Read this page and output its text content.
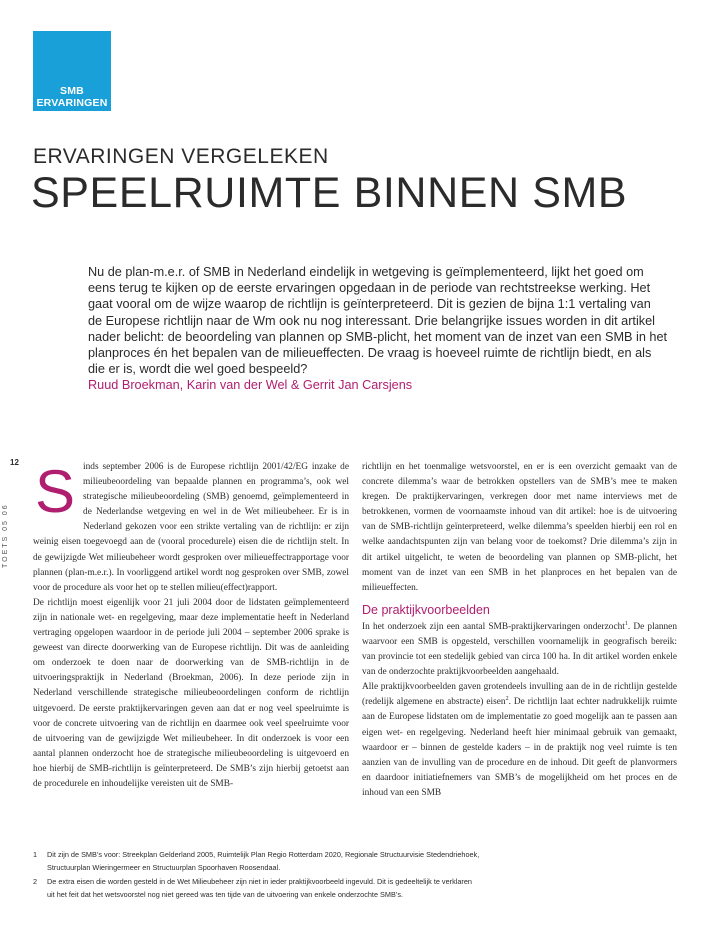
SMB
ERVARINGEN
ERVARINGEN VERGELEKEN
SPEELRUIMTE BINNEN SMB

Nu de plan-m.e.r. of SMB in Nederland eindelijk in wetgeving is geïmplementeerd, lijkt het goed om eens terug te kijken op de eerste ervaringen opgedaan in de periode van rechtstreekse werking. Het gaat vooral om de wijze waarop de richtlijn is geïnterpreteerd. Dit is gezien de bijna 1:1 vertaling van de Europese richtlijn naar de Wm ook nu nog interessant. Drie belangrijke issues worden in dit artikel nader belicht: de beoordeling van plannen op SMB-plicht, het moment van de inzet van een SMB in het planproces én het bepalen van de milieueffecten. De vraag is hoeveel ruimte de richtlijn biedt, en als die er is, wordt die wel goed bespeeld?

Ruud Broekman, Karin van der Wel & Gerrit Jan Carsjens
12
TOETS 05 06
S inds september 2006 is de Europese richtlijn 2001/42/EG inzake de milieubeoordeling van bepaalde plannen en programma’s, ook wel strategische milieubeoordeling (SMB) genoemd, geïmplementeerd in de Nederlandse wetgeving en wel in de Wet milieubeheer. Er is in Nederland gekozen voor een strikte vertaling van de richtlijn: er zijn weinig eisen toegevoegd aan de (vooral procedurele) eisen die de richtlijn stelt. In de gewijzigde Wet milieubeheer wordt gesproken over milieueffectrapportage voor plannen (plan-m.e.r.). In voorliggend artikel wordt nog gesproken over SMB, zowel voor de procedure als voor het op te stellen milieu(effect)rapport.

De richtlijn moest eigenlijk voor 21 juli 2004 door de lidstaten geïmplementeerd zijn in nationale wet- en regelgeving, maar deze implementatie heeft in Nederland vertraging opgelopen waardoor in de periode juli 2004 – september 2006 sprake is geweest van directe doorwerking van de Europese richtlijn. Dit was de aanleiding om onderzoek te doen naar de doorwerking van de SMB-richtlijn in de uitvoeringspraktijk in Nederland (Broekman, 2006). In deze periode zijn in Nederland verschillende strategische milieubeoordelingen conform de richtlijn uitgevoerd. De eerste praktijkervaringen geven aan dat er nog veel speelruimte is voor de concrete uitvoering van de richtlijn en daarmee ook veel speelruimte voor de uitvoering van de gewijzigde Wet milieubeheer. In dit onderzoek is voor een aantal plannen onderzocht hoe de strategische milieubeoordeling is uitgevoerd en hoe hierbij de SMB-richtlijn is geïnterpreteerd. De SMB’s zijn hierbij getoetst aan de procedurele en inhoudelijke vereisten uit de SMB-

richtlijn en het toenmalige wetsvoorstel, en er is een overzicht gemaakt van de concrete dilemma’s waar de betrokken opstellers van de SMB’s mee te maken kregen. De praktijkervaringen, verkregen door met name interviews met de betrokkenen, vormen de voornaamste inhoud van dit artikel: hoe is de uitvoering van de SMB-richtlijn geïnterpreteerd, welke dilemma’s speelden hierbij een rol en welke aandachtspunten zijn van belang voor de toekomst? Drie dilemma’s zijn in dit artikel uitgelicht, te weten de beoordeling van plannen op SMB-plicht, het moment van de inzet van een SMB in het planproces en het bepalen van de milieueffecten.

De praktijkvoorbeelden

In het onderzoek zijn een aantal SMB-praktijkervaringen onderzocht$^1$. De plannen waarvoor een SMB is opgesteld, verschillen voornamelijk in geografisch bereik: van provincie tot een stedelijk gebied van circa 100 ha. In dit artikel worden enkele van de onderzochte praktijkvoorbeelden aangehaald.

Alle praktijkvoorbeelden gaven grotendeels invulling aan de in de richtlijn gestelde (redelijk algemene en abstracte) eisen$^2$. De richtlijn laat echter nadrukkelijk ruimte aan de Europese lidstaten om de implementatie zo goed mogelijk aan te passen aan eigen wet- en regelgeving. Nederland heeft hier minimaal gebruik van gemaakt, waardoor er – binnen de gestelde kaders – in de praktijk nog veel ruimte is ten aanzien van de invulling van de procedure en de inhoud. Dit geeft de planvormers en daardoor initiatiefnemers van SMB’s de mogelijkheid om het proces en de inhoud van een SMB

1	Dit zijn de SMB’s voor: Streekplan Gelderland 2005, Ruimtelijk Plan Regio Rotterdam 2020, Regionale Structuurvisie Stedendriehoek,
Structuurplan Wieringermeer en Structuurplan Spoorhaven Roosendaal.
2	De extra eisen die worden gesteld in de Wet Milieubeheer zijn niet in ieder praktijkvoorbeeld ingevuld. Dit is gedeeltelijk te verklaren
uit het feit dat het wetsvoorstel nog niet gereed was ten tijde van de uitvoering van enkele onderzochte SMB’s.
